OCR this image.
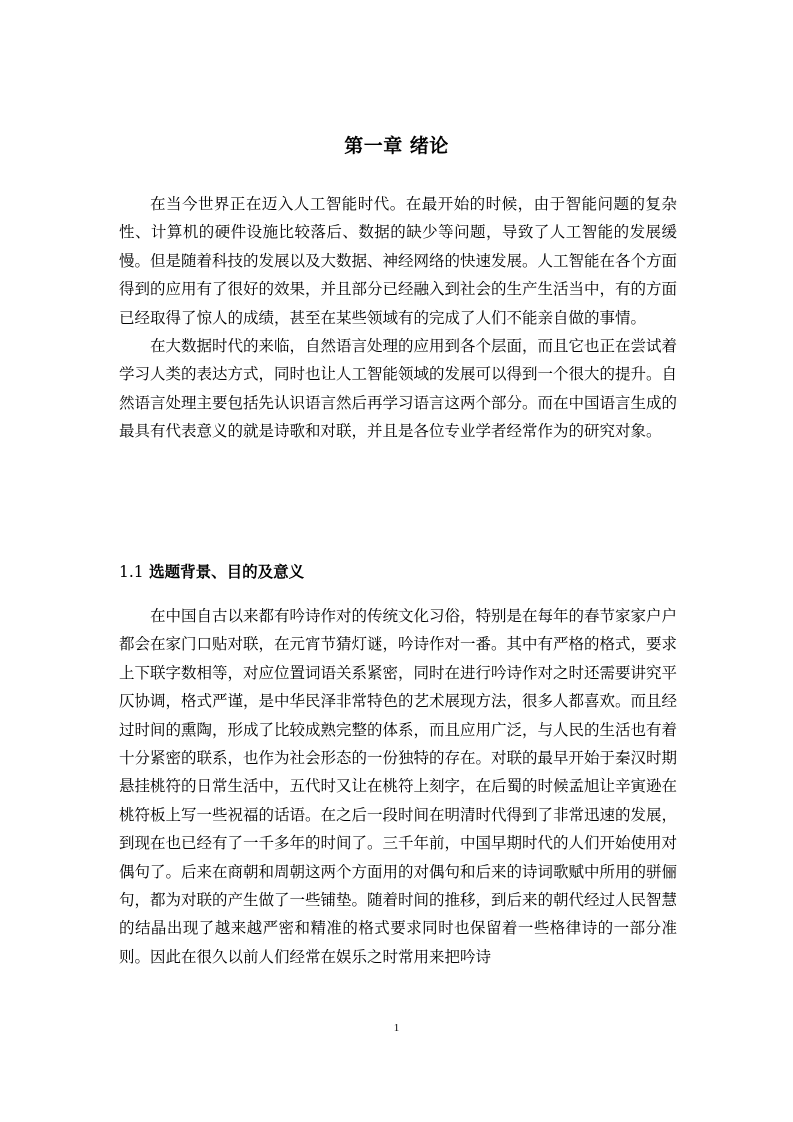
第一章 绪论

在当今世界正在迈入人工智能时代。在最开始的时候，由于智能问题的复杂性、计算机的硬件设施比较落后、数据的缺少等问题，导致了人工智能的发展缓慢。但是随着科技的发展以及大数据、神经网络的快速发展。人工智能在各个方面得到的应用有了很好的效果，并且部分已经融入到社会的生产生活当中，有的方面已经取得了惊人的成绩，甚至在某些领域有的完成了人们不能亲自做的事情。

在大数据时代的来临，自然语言处理的应用到各个层面，而且它也正在尝试着学习人类的表达方式，同时也让人工智能领域的发展可以得到一个很大的提升。自然语言处理主要包括先认识语言然后再学习语言这两个部分。而在中国语言生成的最具有代表意义的就是诗歌和对联，并且是各位专业学者经常作为的研究对象。

1.1 选题背景、目的及意义

在中国自古以来都有吟诗作对的传统文化习俗，特别是在每年的春节家家户户都会在家门口贴对联，在元宵节猜灯谜，吟诗作对一番。其中有严格的格式，要求上下联字数相等，对应位置词语关系紧密，同时在进行吟诗作对之时还需要讲究平仄协调，格式严谨，是中华民泽非常特色的艺术展现方法，很多人都喜欢。而且经过时间的熏陶，形成了比较成熟完整的体系，而且应用广泛，与人民的生活也有着十分紧密的联系，也作为社会形态的一份独特的存在。对联的最早开始于秦汉时期悬挂桃符的日常生活中，五代时又让在桃符上刻字，在后蜀的时候孟旭让辛寅逊在桃符板上写一些祝福的话语。在之后一段时间在明清时代得到了非常迅速的发展，到现在也已经有了一千多年的时间了。三千年前，中国早期时代的人们开始使用对偶句了。后来在商朝和周朝这两个方面用的对偶句和后来的诗词歌赋中所用的骈俪句，都为对联的产生做了一些铺垫。随着时间的推移，到后来的朝代经过人民智慧的结晶出现了越来越严密和精准的格式要求同时也保留着一些格律诗的一部分准则。因此在很久以前人们经常在娱乐之时常用来把吟诗

1
